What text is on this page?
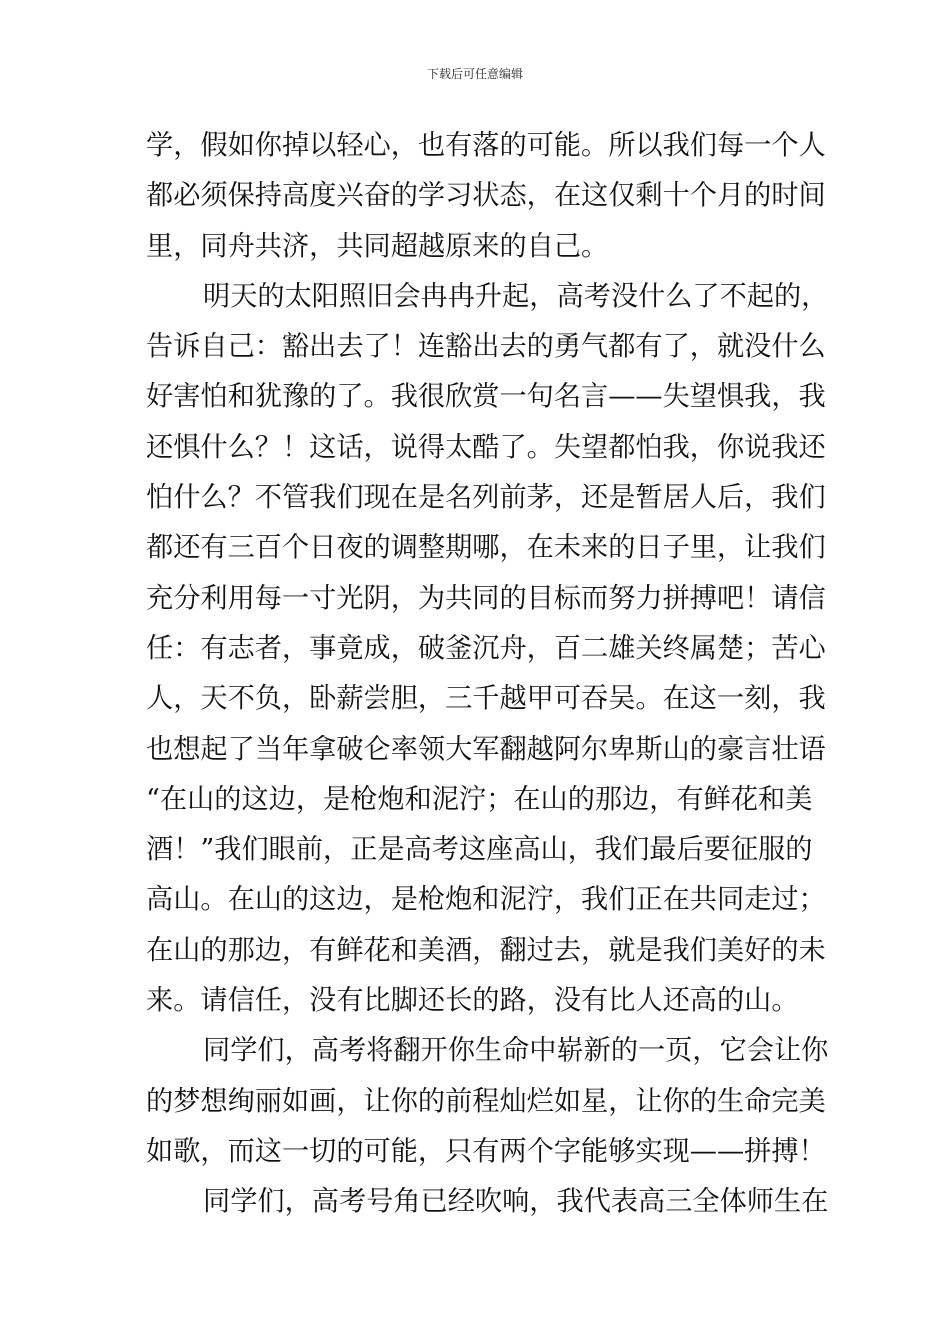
下载后可任意编辑
学，假如你掉以轻心，也有落的可能。所以我们每一个人
都必须保持高度兴奋的学习状态，在这仅剩十个月的时间
里，同舟共济，共同超越原来的自己。
明天的太阳照旧会冉冉升起，高考没什么了不起的，
告诉自己：豁出去了！连豁出去的勇气都有了，就没什么
好害怕和犹豫的了。我很欣赏一句名言——失望惧我，我
还惧什么？！这话，说得太酷了。失望都怕我，你说我还
怕什么？不管我们现在是名列前茅，还是暂居人后，我们
都还有三百个日夜的调整期哪，在未来的日子里，让我们
充分利用每一寸光阴，为共同的目标而努力拼搏吧！请信
任：有志者，事竟成，破釜沉舟，百二雄关终属楚；苦心
人，天不负，卧薪尝胆，三千越甲可吞吴。在这一刻，我
也想起了当年拿破仑率领大军翻越阿尔卑斯山的豪言壮语
“在山的这边，是枪炮和泥泞；在山的那边，有鲜花和美
酒！”我们眼前，正是高考这座高山，我们最后要征服的
高山。在山的这边，是枪炮和泥泞，我们正在共同走过；
在山的那边，有鲜花和美酒，翻过去，就是我们美好的未
来。请信任，没有比脚还长的路，没有比人还高的山。
同学们，高考将翻开你生命中崭新的一页，它会让你
的梦想绚丽如画，让你的前程灿烂如星，让你的生命完美
如歌，而这一切的可能，只有两个字能够实现——拼搏！
同学们，高考号角已经吹响，我代表高三全体师生在
